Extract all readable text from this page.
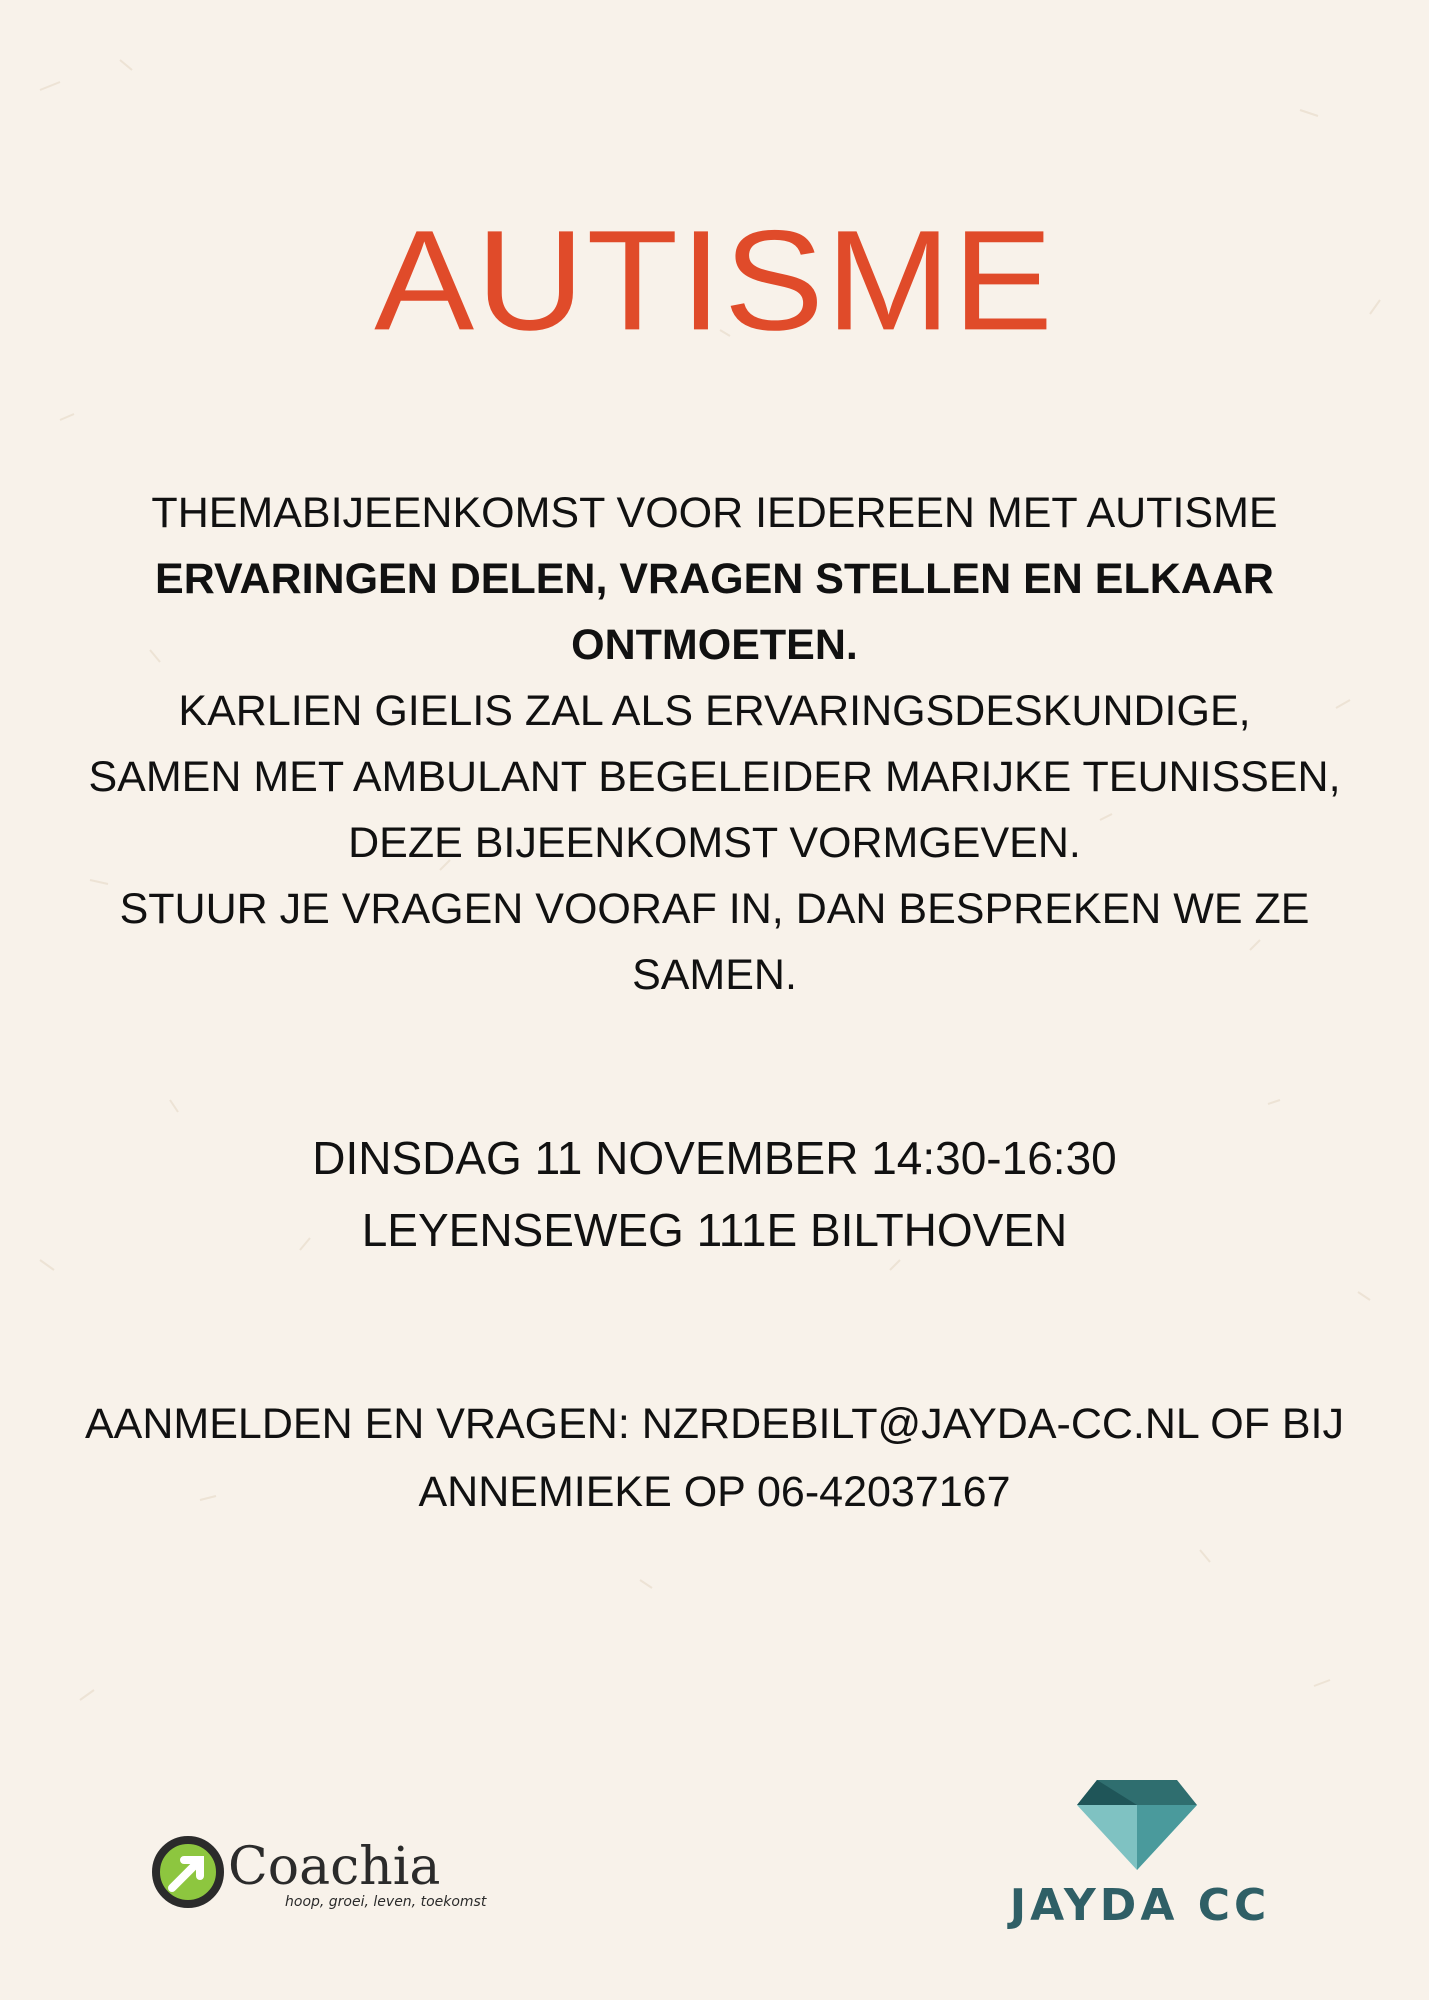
AUTISME
THEMABIJEENKOMST VOOR IEDEREEN MET AUTISME
ERVARINGEN DELEN, VRAGEN STELLEN EN ELKAAR
ONTMOETEN.
KARLIEN GIELIS ZAL ALS ERVARINGSDESKUNDIGE,
SAMEN MET AMBULANT BEGELEIDER MARIJKE TEUNISSEN,
DEZE BIJEENKOMST VORMGEVEN.
STUUR JE VRAGEN VOORAF IN, DAN BESPREKEN WE ZE
SAMEN.
DINSDAG 11 NOVEMBER 14:30-16:30
LEYENSEWEG 111E BILTHOVEN
AANMELDEN EN VRAGEN: NZRDEBILT@JAYDA-CC.NL OF BIJ
ANNEMIEKE OP 06-42037167
Coachia
hoop, groei, leven, toekomst	JAYDA CC
